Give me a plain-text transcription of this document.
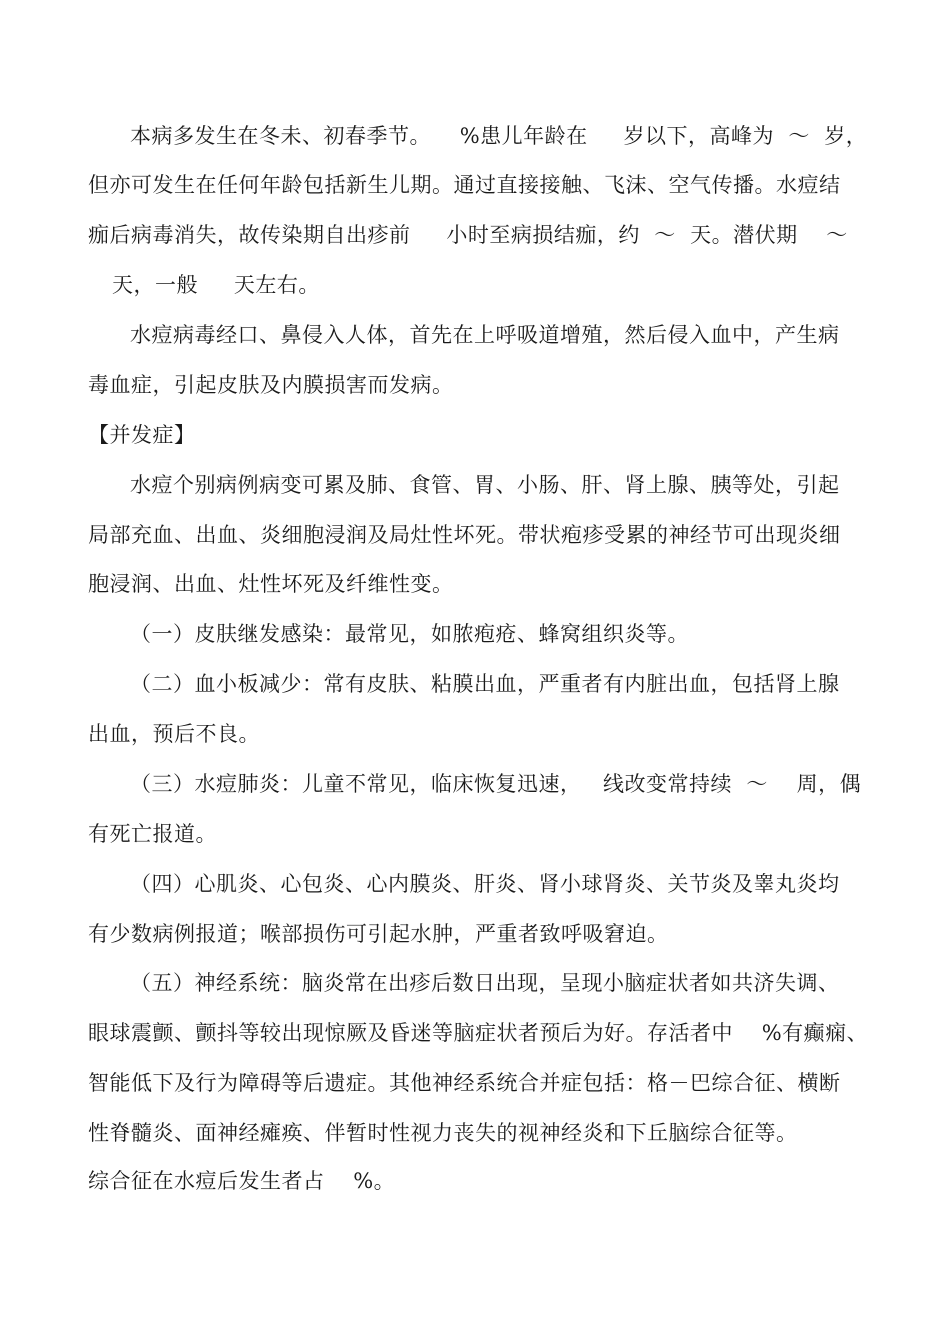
本病多发生在冬未、初春季节。    %患儿年龄在     岁以下，高峰为  ～  岁，
但亦可发生在任何年龄包括新生儿期。通过直接接触、飞沫、空气传播。水痘结
痂后病毒消失，故传染期自出疹前     小时至病损结痂，约  ～  天。潜伏期    ～
天，一般     天左右。
水痘病毒经口、鼻侵入人体，首先在上呼吸道增殖，然后侵入血中，产生病
毒血症，引起皮肤及内膜损害而发病。
【并发症】
水痘个别病例病变可累及肺、食管、胃、小肠、肝、肾上腺、胰等处，引起
局部充血、出血、炎细胞浸润及局灶性坏死。带状疱疹受累的神经节可出现炎细
胞浸润、出血、灶性坏死及纤维性变。
（一）皮肤继发感染：最常见，如脓疱疮、蜂窝组织炎等。
（二）血小板减少：常有皮肤、粘膜出血，严重者有内脏出血，包括肾上腺
出血，预后不良。
（三）水痘肺炎：儿童不常见，临床恢复迅速，   线改变常持续  ～    周，偶
有死亡报道。
（四）心肌炎、心包炎、心内膜炎、肝炎、肾小球肾炎、关节炎及睾丸炎均
有少数病例报道；喉部损伤可引起水肿，严重者致呼吸窘迫。
（五）神经系统：脑炎常在出疹后数日出现，呈现小脑症状者如共济失调、
眼球震颤、颤抖等较出现惊厥及昏迷等脑症状者预后为好。存活者中    %有癫痫、
智能低下及行为障碍等后遗症。其他神经系统合并症包括：格－巴综合征、横断
性脊髓炎、面神经瘫痪、伴暂时性视力丧失的视神经炎和下丘脑综合征等。
综合征在水痘后发生者占    %。
